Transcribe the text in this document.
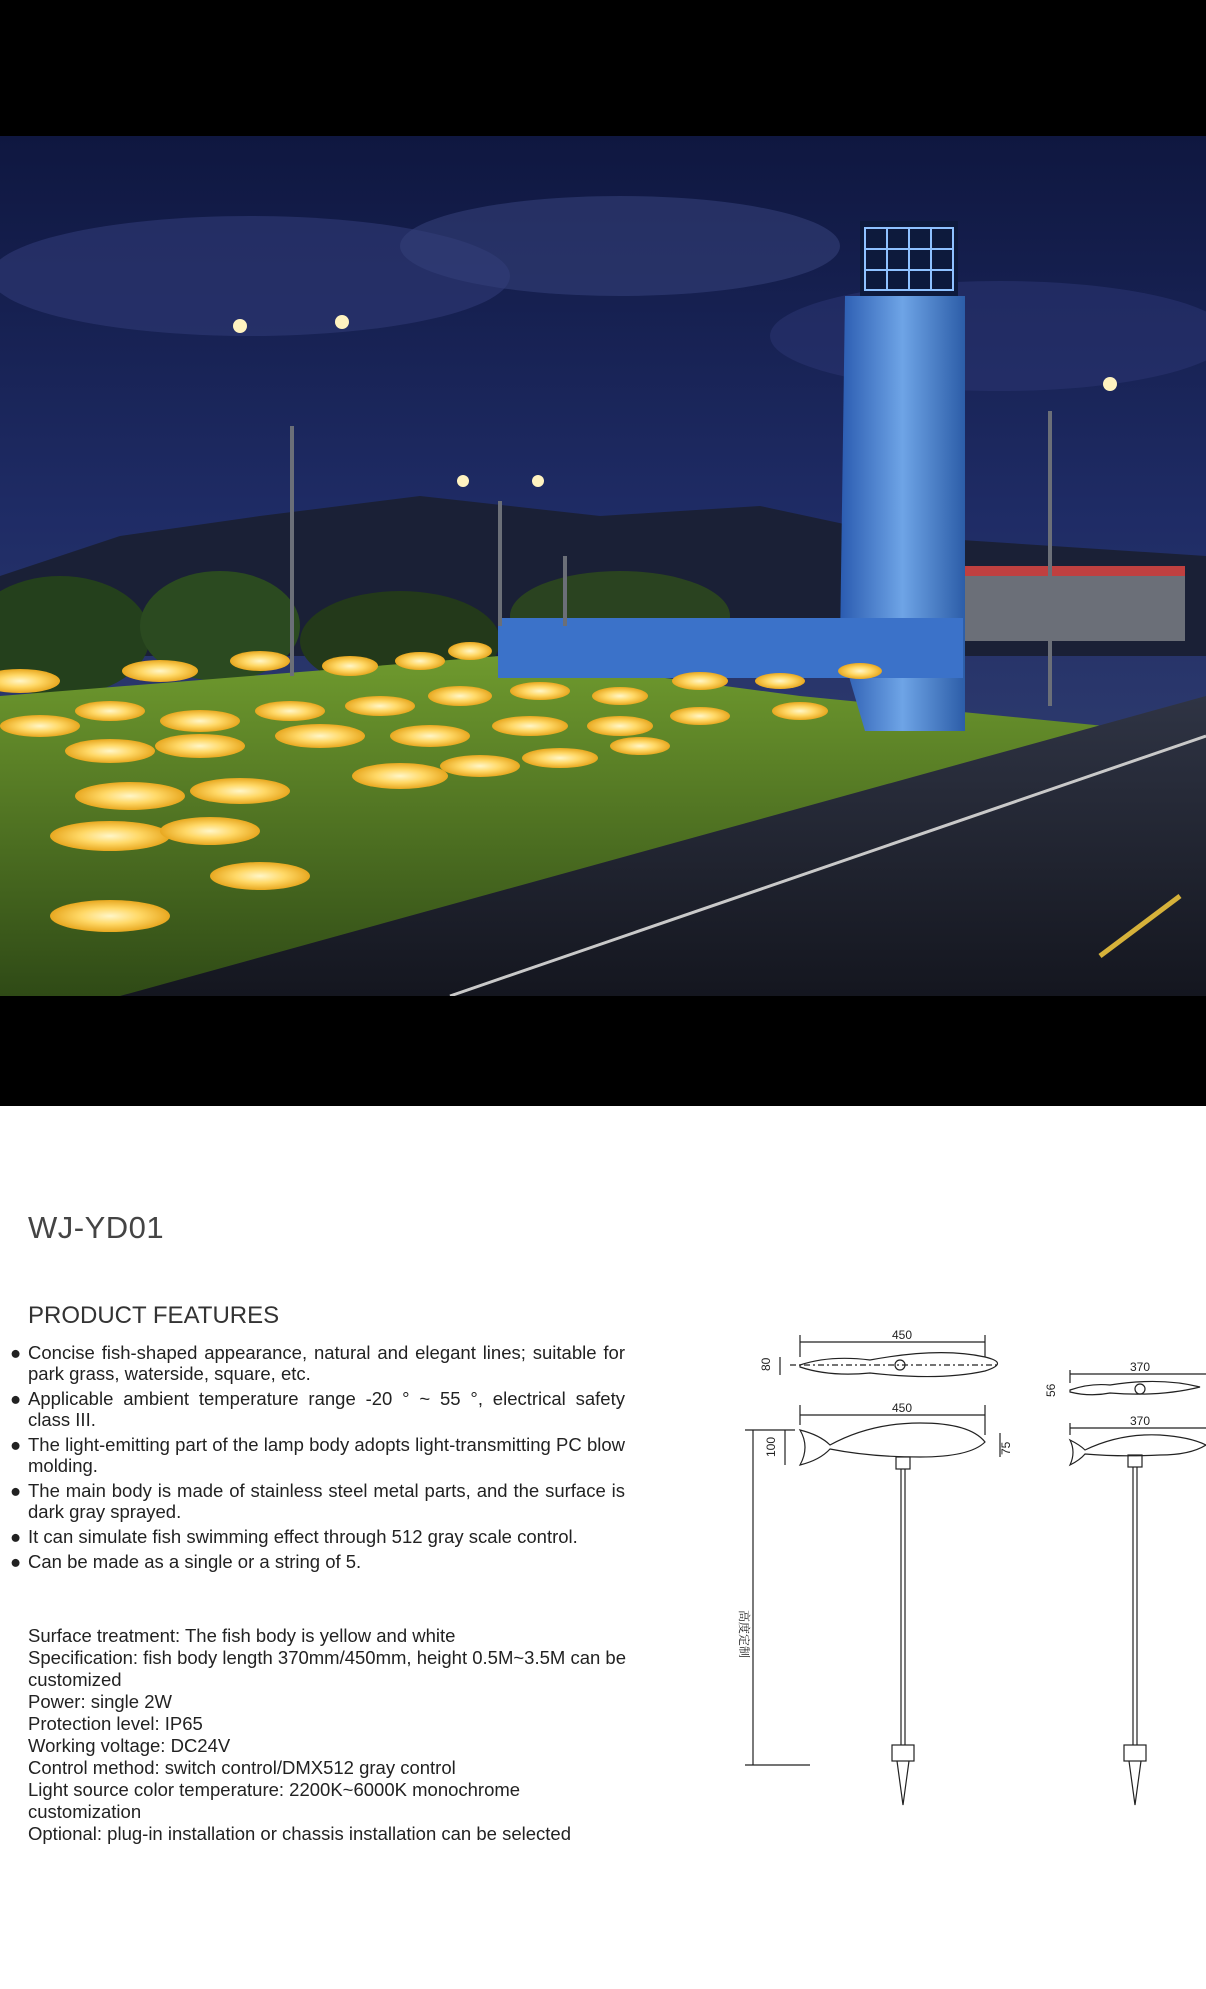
WJ-YD01
PRODUCT FEATURES
● Concise fish-shaped appearance, natural and elegant lines; suitable for park grass, waterside, square, etc.
● Applicable ambient temperature range -20 ° ~ 55 °, electrical safety class III.
● The light-emitting part of the lamp body adopts light-transmitting PC blow molding.
● The main body is made of stainless steel metal parts, and the surface is dark gray sprayed.
● It can simulate fish swimming effect through 512 gray scale control.
● Can be made as a single or a string of 5.
Surface treatment: The fish body is yellow and white
Specification: fish body length 370mm/450mm, height 0.5M~3.5M can be customized
Power: single 2W
Protection level: IP65
Working voltage: DC24V
Control method: switch control/DMX512 gray control
Light source color temperature: 2200K~6000K monochrome customization
Optional: plug-in installation or chassis installation can be selected
450
450
80
100	75
370
370
56
高度定制
